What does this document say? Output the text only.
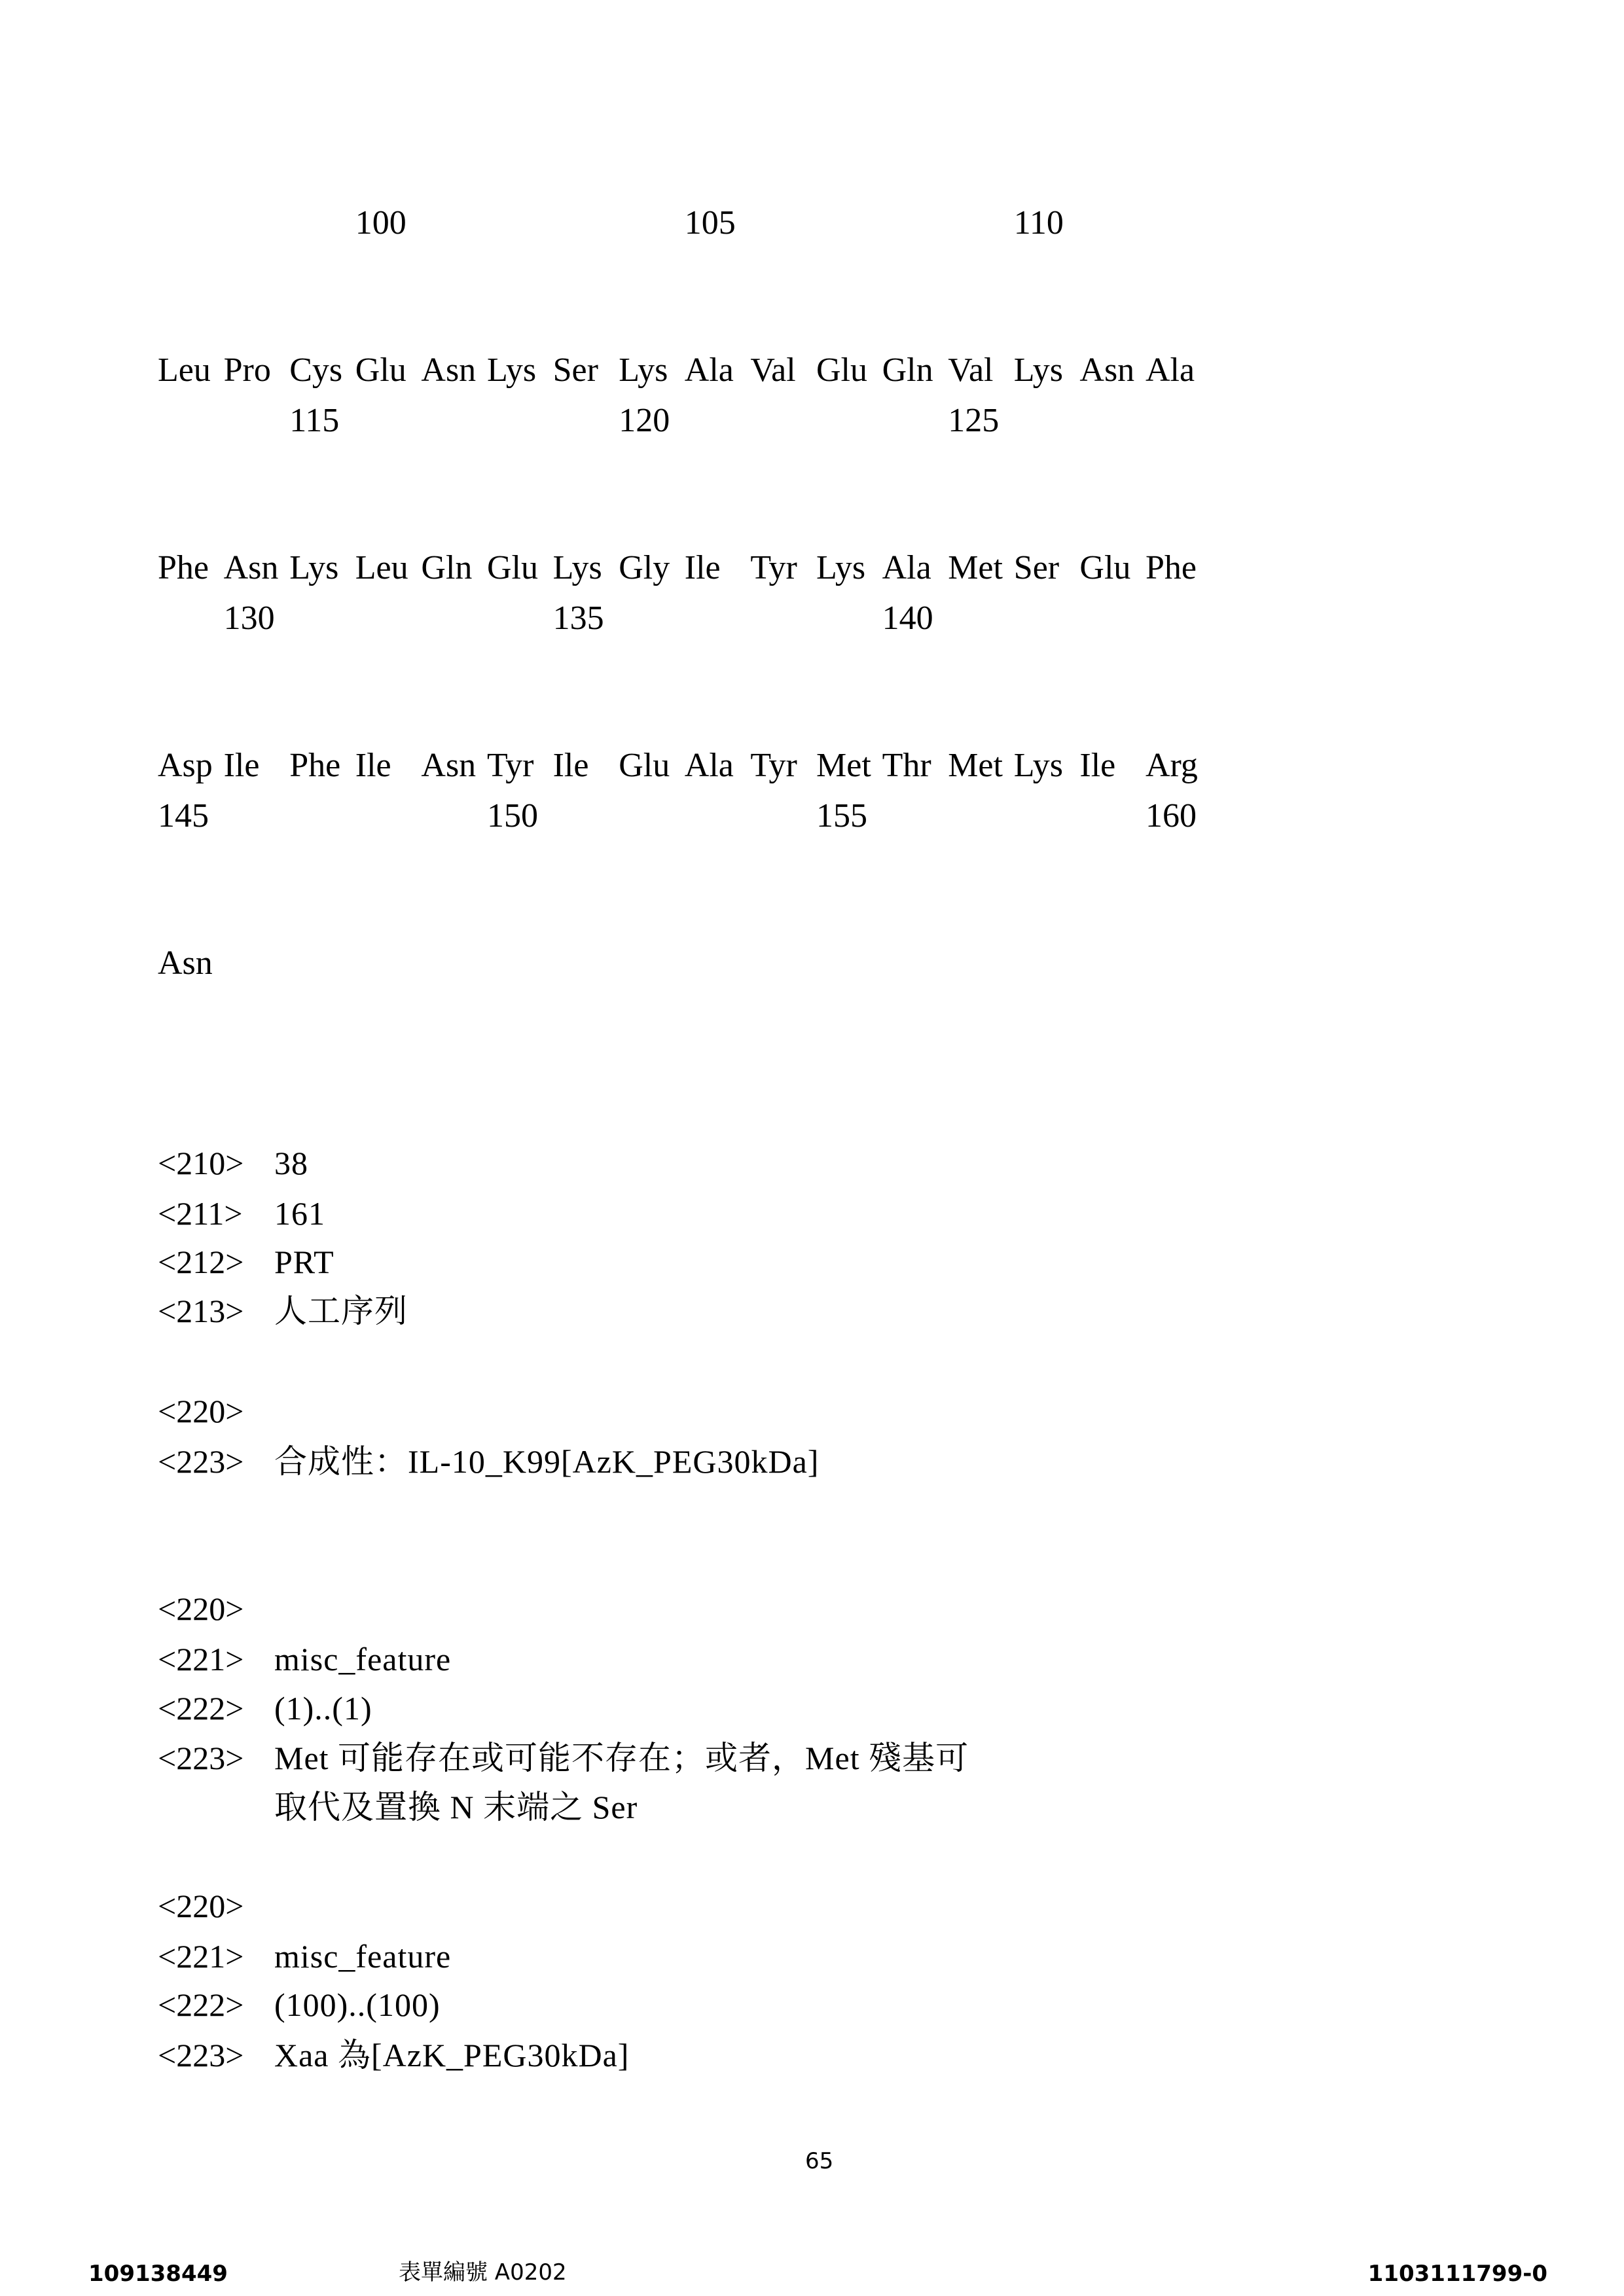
100	105	110
Leu Pro Cys Glu Asn Lys Ser Lys Ala Val Glu Gln Val Lys Asn Ala
115	120	125
Phe Asn Lys Leu Gln Glu Lys Gly Ile Tyr Lys Ala Met Ser Glu Phe
130	135	140
Asp Ile Phe Ile Asn Tyr Ile Glu Ala Tyr Met Thr Met Lys Ile Arg
145	150	155	160
Asn
<210> 38
<211> 161
<212> PRT
<213> 人工序列
<220>
<223> 合成性：IL-10_K99[AzK_PEG30kDa]
<220>
<221> misc_feature
<222> (1)..(1)
<223> Met 可能存在或可能不存在；或者，Met 殘基可
取代及置換 N 末端之 Ser
<220>
<221> misc_feature
<222> (100)..(100)
<223> Xaa 為[AzK_PEG30kDa]
65
109138449	表單編號 A0202	1103111799-0
